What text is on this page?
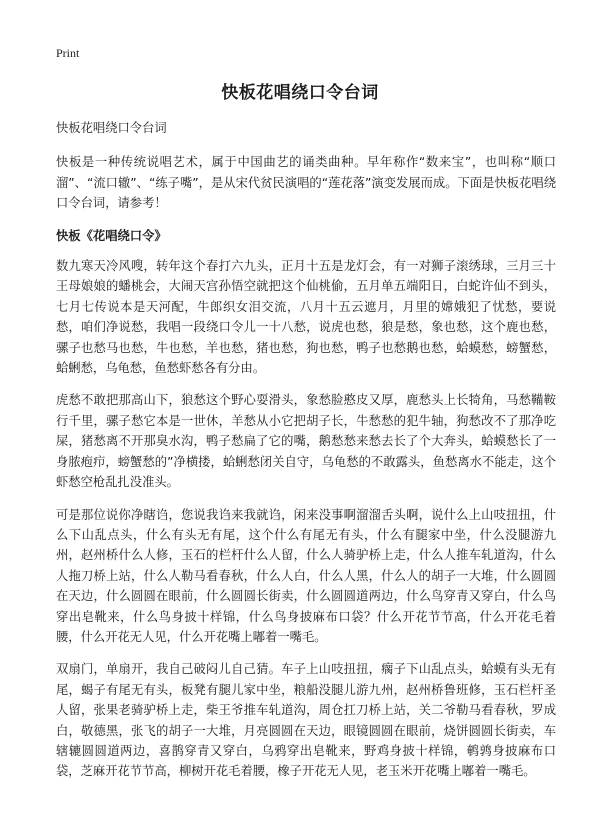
Print
快板花唱绕口令台词

快板花唱绕口令台词

快板是一种传统说唱艺术，属于中国曲艺的诵类曲种。早年称作“数来宝”，也叫称“顺口溜”、“流口辙”、“练子嘴”，是从宋代贫民演唱的“莲花落”演变发展而成。下面是快板花唱绕口令台词，请参考！

快板《花唱绕口令》

数九寒天冷风嗖，转年这个春打六九头，正月十五是龙灯会，有一对狮子滚绣球，三月三十王母娘娘的蟠桃会，大闹天宫孙悟空就把这个仙桃偷，五月单五端阳日，白蛇许仙不到头，七月七传说本是天河配，牛郎织女泪交流，八月十五云遮月，月里的嫦娥犯了忧愁，要说愁，咱们净说愁，我唱一段绕口令儿一十八愁，说虎也愁，狼是愁，象也愁，这个鹿也愁，骡子也愁马也愁，牛也愁，羊也愁，猪也愁，狗也愁，鸭子也愁鹅也愁，蛤蟆愁，螃蟹愁，蛤蜊愁，乌龟愁，鱼愁虾愁各有分由。

虎愁不敢把那高山下，狼愁这个野心耍滑头，象愁脸憨皮又厚，鹿愁头上长犄角，马愁鞴鞍行千里，骡子愁它本是一世休，羊愁从小它把胡子长，牛愁愁的犯牛轴，狗愁改不了那净吃屎，猪愁离不开那臭水沟，鸭子愁扁了它的嘴，鹅愁愁来愁去长了个大奔头，蛤蟆愁长了一身脓疱疖，螃蟹愁的”净横搂，蛤蜊愁闭关自守，乌龟愁的不敢露头，鱼愁离水不能走，这个虾愁空枪乱扎没准头。

可是那位说你净瞎诌，您说我诌来我就诌，闲来没事啊溜溜舌头啊，说什么上山吱扭扭，什么下山乱点头，什么有头无有尾，这个什么有尾无有头，什么有腿家中坐，什么没腿游九州，赵州桥什么人修，玉石的栏杆什么人留，什么人骑驴桥上走，什么人推车轧道沟，什么人拖刀桥上站，什么人勒马看春秋，什么人白，什么人黑，什么人的胡子一大堆，什么圆圆在天边，什么圆圆在眼前，什么圆圆长街卖，什么圆圆道两边，什么鸟穿青又穿白，什么鸟穿出皂靴来，什么鸟身披十样锦，什么鸟身披麻布口袋？什么开花节节高，什么开花毛着腰，什么开花无人见，什么开花嘴上嘟着一嘴毛。

双扇门，单扇开，我自己破闷儿自己猜。车子上山吱扭扭，瘸子下山乱点头，蛤蟆有头无有尾，蝎子有尾无有头，板凳有腿儿家中坐，粮船没腿儿游九州，赵州桥鲁班修，玉石栏杆圣人留，张果老骑驴桥上走，柴王爷推车轧道沟，周仓扛刀桥上站，关二爷勒马看春秋，罗成白，敬德黑，张飞的胡子一大堆，月亮圆圆在天边，眼镜圆圆在眼前，烧饼圆圆长街卖，车辖辘圆圆道两边，喜鹊穿青又穿白，乌鸦穿出皂靴来，野鸡身披十样锦，鹌鹑身披麻布口袋，芝麻开花节节高，柳树开花毛着腰，橡子开花无人见，老玉米开花嘴上嘟着一嘴毛。
